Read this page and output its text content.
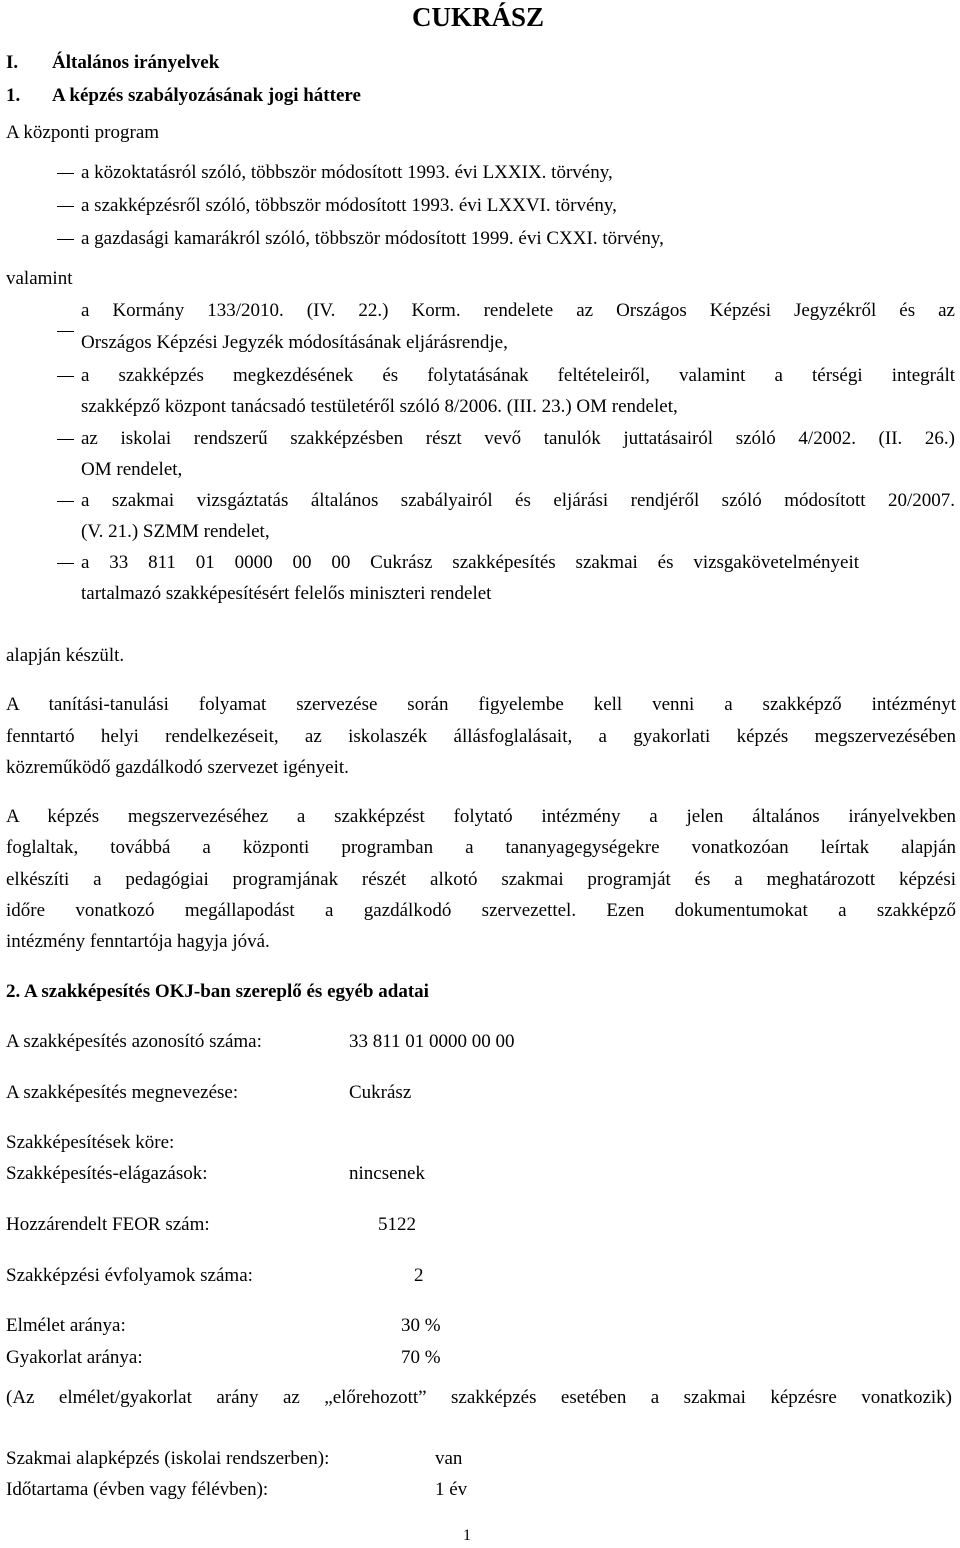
CUKRÁSZ
I. Általános irányelvek
1. A képzés szabályozásának jogi háttere
A központi program
a közoktatásról szóló, többször módosított 1993. évi LXXIX. törvény,
a szakképzésről szóló, többször módosított 1993. évi LXXVI. törvény,
a gazdasági kamarákról szóló, többször módosított 1999. évi CXXI. törvény,
valamint
a Kormány 133/2010. (IV. 22.) Korm. rendelete az Országos Képzési Jegyzékről és az
Országos Képzési Jegyzék módosításának eljárásrendje,
a szakképzés megkezdésének és folytatásának feltételeiről, valamint a térségi integrált
szakképző központ tanácsadó testületéről szóló 8/2006. (III. 23.) OM rendelet,
az iskolai rendszerű szakképzésben részt vevő tanulók juttatásairól szóló 4/2002. (II. 26.)
OM rendelet,
a szakmai vizsgáztatás általános szabályairól és eljárási rendjéről szóló módosított 20/2007.
(V. 21.) SZMM rendelet,
a 33 811 01 0000 00 00 Cukrász szakképesítés szakmai és vizsgakövetelményeit
tartalmazó szakképesítésért felelős miniszteri rendelet
alapján készült.
A tanítási-tanulási folyamat szervezése során figyelembe kell venni a szakképző intézményt
fenntartó helyi rendelkezéseit, az iskolaszék állásfoglalásait, a gyakorlati képzés megszervezésében
közreműködő gazdálkodó szervezet igényeit.
A képzés megszervezéséhez a szakképzést folytató intézmény a jelen általános irányelvekben
foglaltak, továbbá a központi programban a tananyagegységekre vonatkozóan leírtak alapján
elkészíti a pedagógiai programjának részét alkotó szakmai programját és a meghatározott képzési
időre vonatkozó megállapodást a gazdálkodó szervezettel. Ezen dokumentumokat a szakképző
intézmény fenntartója hagyja jóvá.
2. A szakképesítés OKJ-ban szereplő és egyéb adatai
A szakképesítés azonosító száma:	33 811 01 0000 00 00
A szakképesítés megnevezése:	Cukrász
Szakképesítések köre:
Szakképesítés-elágazások:	nincsenek
Hozzárendelt FEOR szám:	5122
Szakképzési évfolyamok száma:	2
Elmélet aránya:	30 %
Gyakorlat aránya:	70 %
(Az elmélet/gyakorlat arány az „előrehozott” szakképzés esetében a szakmai képzésre vonatkozik)
Szakmai alapképzés (iskolai rendszerben):	van
Időtartama (évben vagy félévben):	1 év
1
